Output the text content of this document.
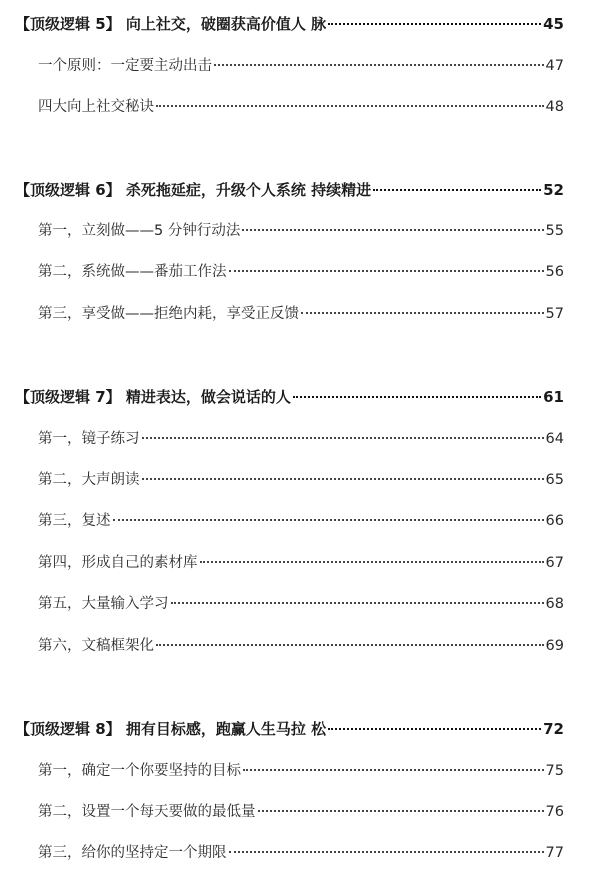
【顶级逻辑 5】 向上社交，破圈获高价值人 脉	45
一个原则：一定要主动出击	47
四大向上社交秘诀	48
【顶级逻辑 6】 杀死拖延症，升级个人系统 持续精进	52
第一，立刻做——5 分钟行动法	55
第二，系统做——番茄工作法	56
第三，享受做——拒绝内耗，享受正反馈	57
【顶级逻辑 7】 精进表达，做会说话的人	61
第一，镜子练习	64
第二，大声朗读	65
第三，复述	66
第四，形成自己的素材库	67
第五，大量输入学习	68
第六，文稿框架化	69
【顶级逻辑 8】 拥有目标感，跑赢人生马拉 松	72
第一，确定一个你要坚持的目标	75
第二，设置一个每天要做的最低量	76
第三，给你的坚持定一个期限	77
